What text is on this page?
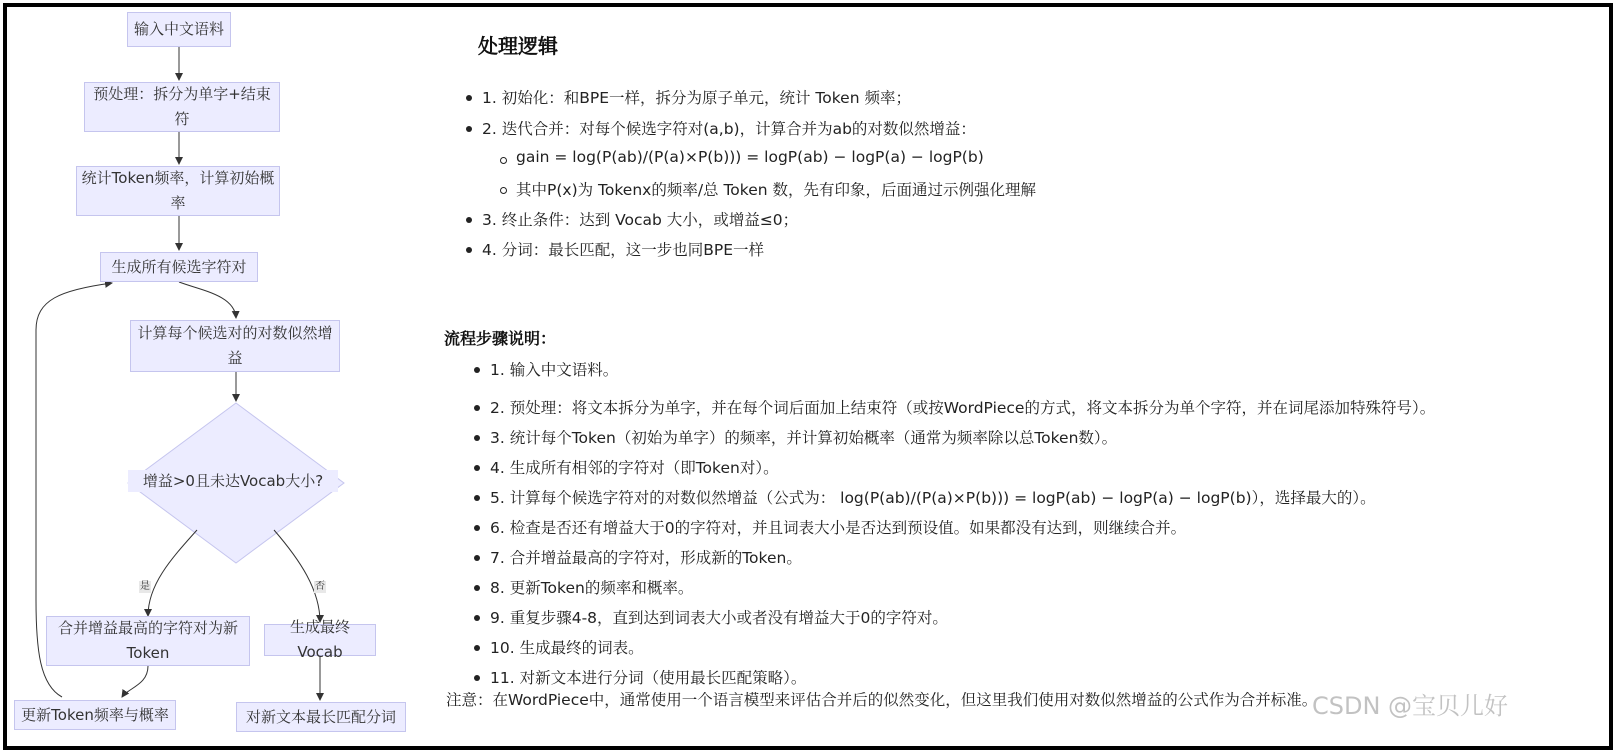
输入中文语料
预处理：拆分为单字+结束符
统计Token频率，计算初始概率
生成所有候选字符对
计算每个候选对的对数似然增益
增益>0且未达Vocab大小?
是	否
合并增益最高的字符对为新Token
生成最终Vocab
更新Token频率与概率	对新文本最长匹配分词
处理逻辑
1. 初始化：和BPE一样，拆分为原子单元，统计 Token 频率；
2. 迭代合并：对每个候选字符对(a,b)，计算合并为ab的对数似然增益：
gain = log(P(ab)/(P(a)×P(b))) = logP(ab) − logP(a) − logP(b)
其中P(x)为 Tokenx的频率/总 Token 数，先有印象，后面通过示例强化理解
3. 终止条件：达到 Vocab 大小，或增益≤0；
4. 分词：最长匹配，这一步也同BPE一样
流程步骤说明：
1. 输入中文语料。
2. 预处理：将文本拆分为单字，并在每个词后面加上结束符（或按WordPiece的方式，将文本拆分为单个字符，并在词尾添加特殊符号）。
3. 统计每个Token（初始为单字）的频率，并计算初始概率（通常为频率除以总Token数）。
4. 生成所有相邻的字符对（即Token对）。
5. 计算每个候选字符对的对数似然增益（公式为： log(P(ab)/(P(a)×P(b))) = logP(ab) − logP(a) − logP(b)），选择最大的）。
6. 检查是否还有增益大于0的字符对，并且词表大小是否达到预设值。如果都没有达到，则继续合并。
7. 合并增益最高的字符对，形成新的Token。
8. 更新Token的频率和概率。
9. 重复步骤4-8，直到达到词表大小或者没有增益大于0的字符对。
10. 生成最终的词表。
11. 对新文本进行分词（使用最长匹配策略）。
注意：在WordPiece中，通常使用一个语言模型来评估合并后的似然变化，但这里我们使用对数似然增益的公式作为合并标准。
CSDN @宝贝儿好
